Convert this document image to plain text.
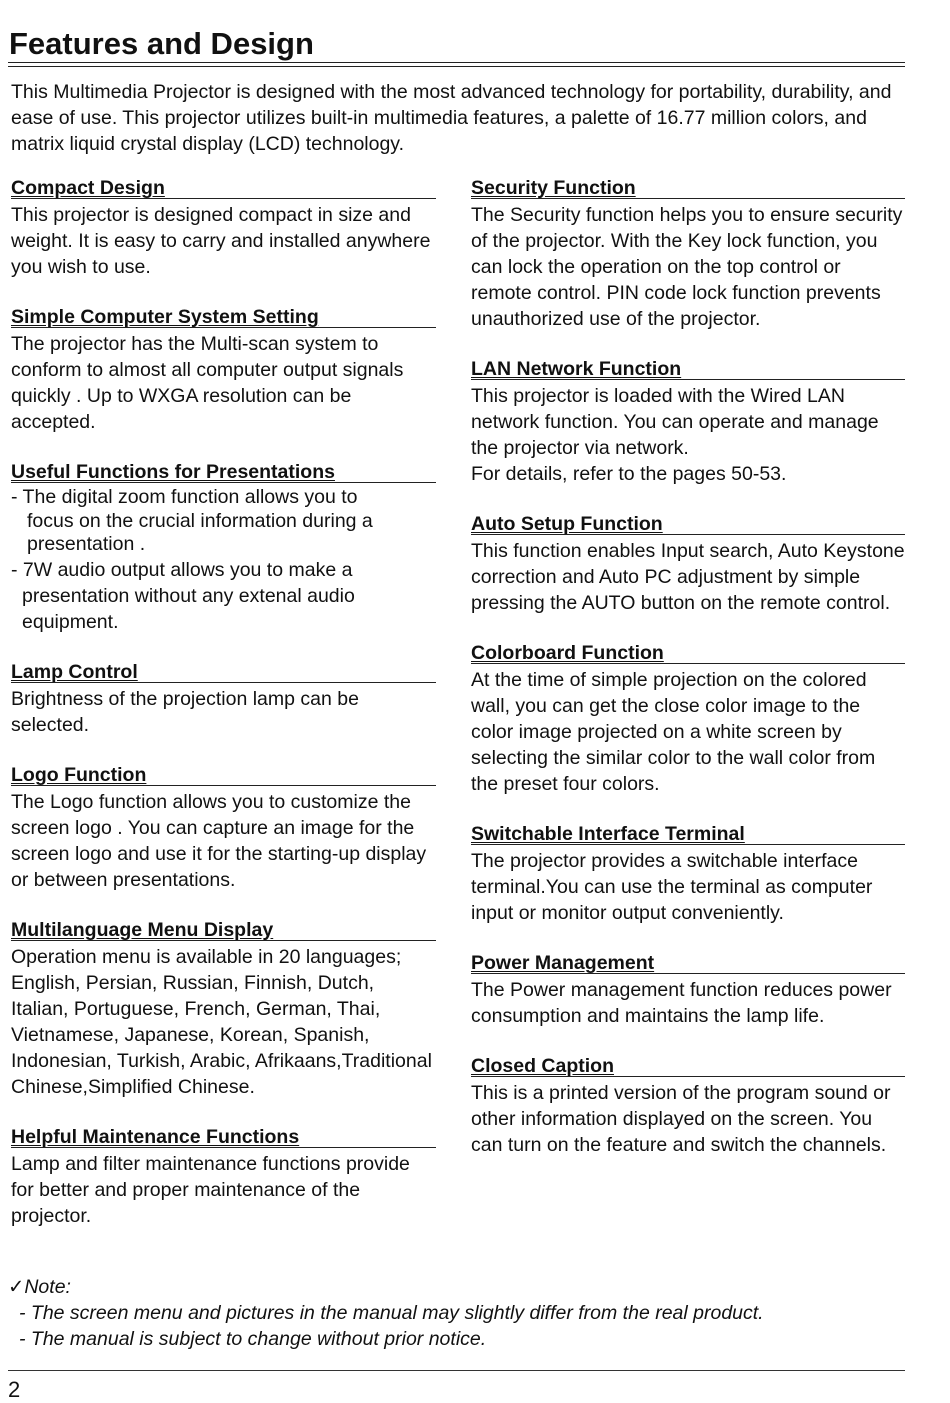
Features and Design

This Multimedia Projector is designed with the most advanced technology for portability, durability, and ease of use. This projector utilizes built-in multimedia features, a palette of 16.77 million colors, and matrix liquid crystal display (LCD) technology.

Compact Design

This projector is designed compact in size and weight. It is easy to carry and installed anywhere you wish to use.

Simple Computer System Setting

The projector has the Multi-scan system to conform to almost all computer output signals quickly . Up to WXGA resolution can be accepted.

Useful Functions for Presentations

- The digital zoom function allows you to
focus on the crucial information during a presentation .

- 7W audio output allows you to make a
presentation without any extenal audio equipment.

Lamp Control

Brightness of the projection lamp can be selected.

Logo Function

The Logo function allows you to customize the screen logo . You can capture an image for the screen logo and use it for the starting-up display or between presentations.

Multilanguage Menu Display

Operation menu is available in 20 languages; English, Persian, Russian, Finnish, Dutch, Italian, Portuguese, French, German, Thai, Vietnamese, Japanese, Korean, Spanish, Indonesian, Turkish, Arabic, Afrikaans,Traditional Chinese,Simplified Chinese.

Helpful Maintenance Functions

Lamp and filter maintenance functions provide for better and proper maintenance of the projector.

Security Function

The Security function helps you to ensure security of the projector. With the Key lock function, you can lock the operation on the top control or remote control. PIN code lock function prevents unauthorized use of the projector.

LAN Network Function

This projector is loaded with the Wired LAN network function. You can operate and manage the projector via network.

For details, refer to the pages 50-53.

Auto Setup Function

This function enables Input search, Auto Keystone correction and Auto PC adjustment by simple pressing the AUTO button on the remote control.

Colorboard Function

At the time of simple projection on the colored wall, you can get the close color image to the color image projected on a white screen by selecting the similar color to the wall color from the preset four colors.

Switchable Interface Terminal

The projector provides a switchable interface terminal.You can use the terminal as computer input or monitor output conveniently.

Power Management

The Power management function reduces power consumption and maintains the lamp life.

Closed Caption

This is a printed version of the program sound or other information displayed on the screen. You can turn on the feature and switch the channels.

✓Note:
- The screen menu and pictures in the manual may slightly differ from the real product.
- The manual is subject to change without prior notice.
2
